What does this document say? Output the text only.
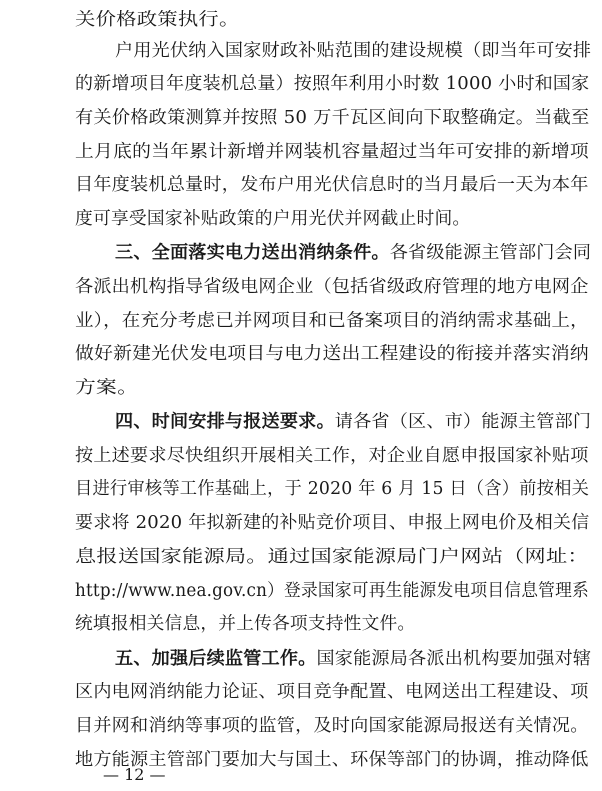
关价格政策执行。
户用光伏纳入国家财政补贴范围的建设规模（即当年可安排
的新增项目年度装机总量）按照年利用小时数 1000 小时和国家
有关价格政策测算并按照 50 万千瓦区间向下取整确定。当截至
上月底的当年累计新增并网装机容量超过当年可安排的新增项
目年度装机总量时，发布户用光伏信息时的当月最后一天为本年
度可享受国家补贴政策的户用光伏并网截止时间。
三、全面落实电力送出消纳条件。各省级能源主管部门会同
各派出机构指导省级电网企业（包括省级政府管理的地方电网企
业），在充分考虑已并网项目和已备案项目的消纳需求基础上，
做好新建光伏发电项目与电力送出工程建设的衔接并落实消纳
方案。
四、时间安排与报送要求。请各省（区、市）能源主管部门
按上述要求尽快组织开展相关工作，对企业自愿申报国家补贴项
目进行审核等工作基础上，于 2020 年 6 月 15 日（含）前按相关
要求将 2020 年拟新建的补贴竞价项目、申报上网电价及相关信
息报送国家能源局。通过国家能源局门户网站（网址：
http://www.nea.gov.cn）登录国家可再生能源发电项目信息管理系
统填报相关信息，并上传各项支持性文件。
五、加强后续监管工作。国家能源局各派出机构要加强对辖
区内电网消纳能力论证、项目竞争配置、电网送出工程建设、项
目并网和消纳等事项的监管，及时向国家能源局报送有关情况。
地方能源主管部门要加大与国土、环保等部门的协调，推动降低
— 12 —
